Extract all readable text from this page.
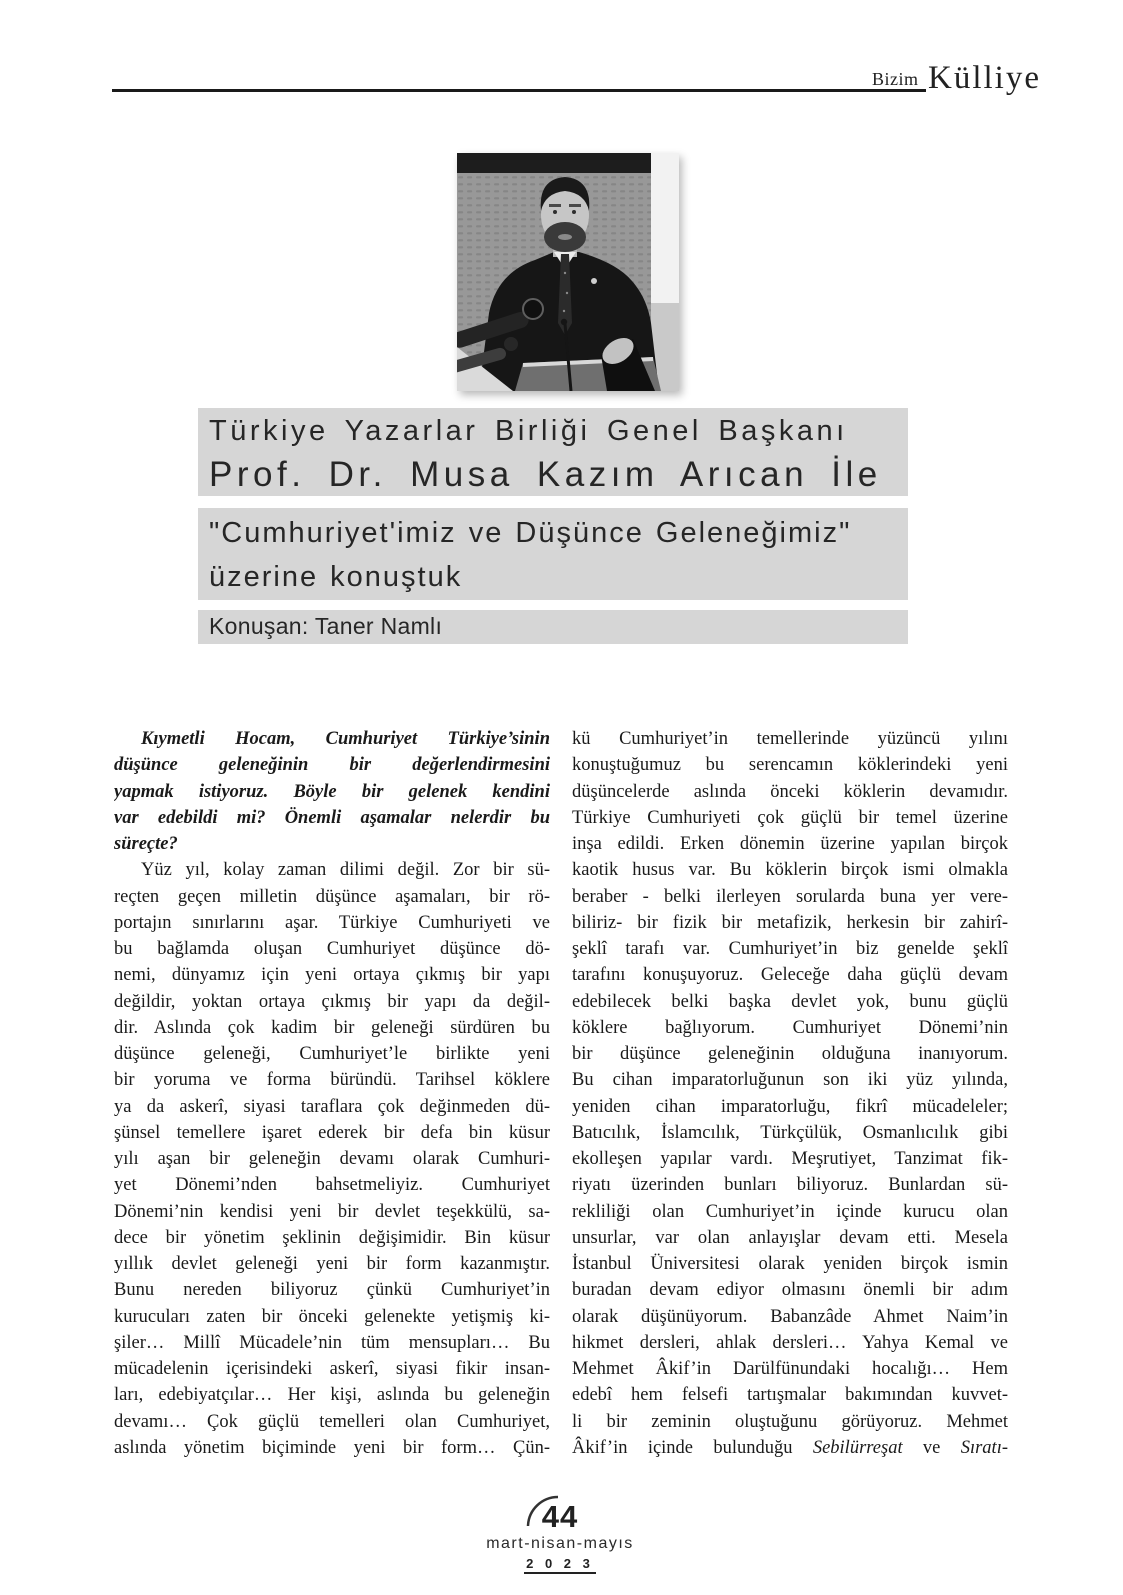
Bizim Külliye
Türkiye Yazarlar Birliği Genel Başkanı
Prof. Dr. Musa Kazım Arıcan İle
"Cumhuriyet'imiz ve Düşünce Geleneğimiz"
üzerine konuştuk
Konuşan: Taner Namlı
Kıymetli Hocam, Cumhuriyet Türkiye’sinin
düşünce geleneğinin bir değerlendirmesini
yapmak istiyoruz. Böyle bir gelenek kendini
var edebildi mi? Önemli aşamalar nelerdir bu
süreçte?
Yüz yıl, kolay zaman dilimi değil. Zor bir sü-
reçten geçen milletin düşünce aşamaları, bir rö-
portajın sınırlarını aşar. Türkiye Cumhuriyeti ve
bu bağlamda oluşan Cumhuriyet düşünce dö-
nemi, dünyamız için yeni ortaya çıkmış bir yapı
değildir, yoktan ortaya çıkmış bir yapı da değil-
dir. Aslında çok kadim bir geleneği sürdüren bu
düşünce geleneği, Cumhuriyet’le birlikte yeni
bir yoruma ve forma büründü. Tarihsel köklere
ya da askerî, siyasi taraflara çok değinmeden dü-
şünsel temellere işaret ederek bir defa bin küsur
yılı aşan bir geleneğin devamı olarak Cumhuri-
yet Dönemi’nden bahsetmeliyiz. Cumhuriyet
Dönemi’nin kendisi yeni bir devlet teşekkülü, sa-
dece bir yönetim şeklinin değişimidir. Bin küsur
yıllık devlet geleneği yeni bir form kazanmıştır.
Bunu nereden biliyoruz çünkü Cumhuriyet’in
kurucuları zaten bir önceki gelenekte yetişmiş ki-
şiler… Millî Mücadele’nin tüm mensupları… Bu
mücadelenin içerisindeki askerî, siyasi fikir insan-
ları, edebiyatçılar… Her kişi, aslında bu geleneğin
devamı… Çok güçlü temelleri olan Cumhuriyet,
aslında yönetim biçiminde yeni bir form… Çün-
kü Cumhuriyet’in temellerinde yüzüncü yılını
konuştuğumuz bu serencamın köklerindeki yeni
düşüncelerde aslında önceki köklerin devamıdır.
Türkiye Cumhuriyeti çok güçlü bir temel üzerine
inşa edildi. Erken dönemin üzerine yapılan birçok
kaotik husus var. Bu köklerin birçok ismi olmakla
beraber - belki ilerleyen sorularda buna yer vere-
biliriz- bir fizik bir metafizik, herkesin bir zahirî-
şeklî tarafı var. Cumhuriyet’in biz genelde şeklî
tarafını konuşuyoruz. Geleceğe daha güçlü devam
edebilecek belki başka devlet yok, bunu güçlü
köklere bağlıyorum. Cumhuriyet Dönemi’nin
bir düşünce geleneğinin olduğuna inanıyorum.
Bu cihan imparatorluğunun son iki yüz yılında,
yeniden cihan imparatorluğu, fikrî mücadeleler;
Batıcılık, İslamcılık, Türkçülük, Osmanlıcılık gibi
ekolleşen yapılar vardı. Meşrutiyet, Tanzimat fik-
riyatı üzerinden bunları biliyoruz. Bunlardan sü-
rekliliği olan Cumhuriyet’in içinde kurucu olan
unsurlar, var olan anlayışlar devam etti. Mesela
İstanbul Üniversitesi olarak yeniden birçok ismin
buradan devam ediyor olmasını önemli bir adım
olarak düşünüyorum. Babanzâde Ahmet Naim’in
hikmet dersleri, ahlak dersleri… Yahya Kemal ve
Mehmet Âkif’in Darülfünundaki hocalığı… Hem
edebî hem felsefi tartışmalar bakımından kuvvet-
li bir zeminin oluştuğunu görüyoruz. Mehmet
Âkif’in içinde bulunduğu Sebilürreşat ve Sıratı-
44
mart-nisan-mayıs
2 0 2 3
